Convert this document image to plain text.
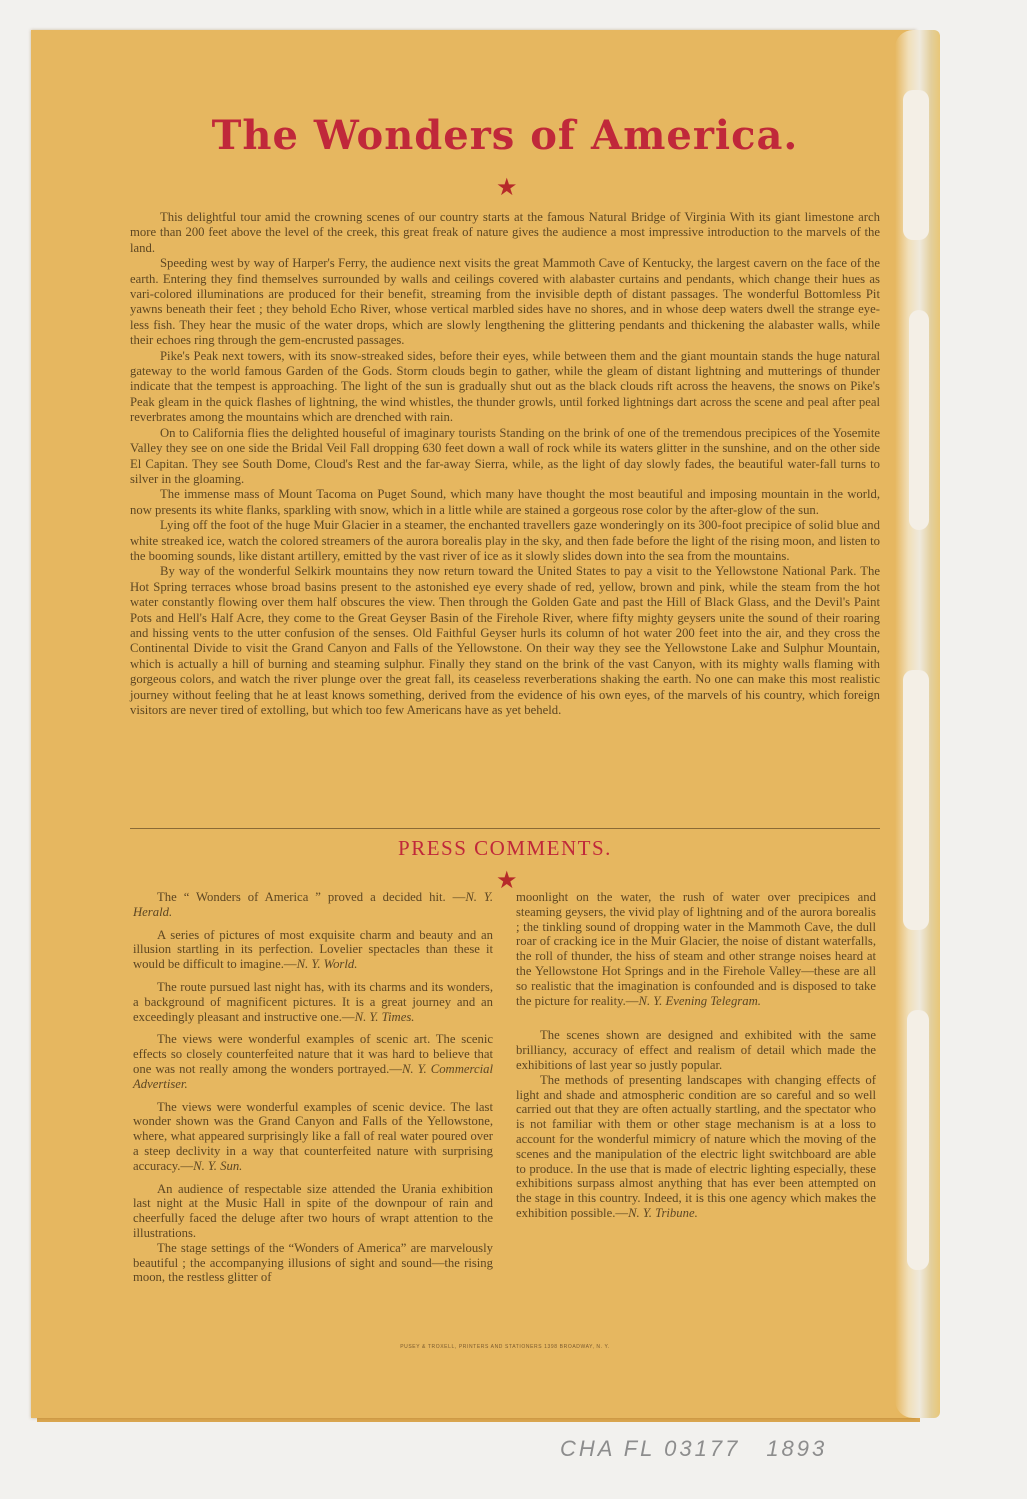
The Wonders of America.
★

This delightful tour amid the crowning scenes of our country starts at the famous Natural Bridge of Virginia With its giant limestone arch more than 200 feet above the level of the creek, this great freak of nature gives the audience a most impressive introduction to the marvels of the land.

Speeding west by way of Harper's Ferry, the audience next visits the great Mammoth Cave of Kentucky, the largest cavern on the face of the earth. Entering they find themselves surrounded by walls and ceilings covered with alabaster curtains and pendants, which change their hues as vari-colored illuminations are produced for their benefit, streaming from the invisible depth of distant passages. The wonderful Bottomless Pit yawns beneath their feet ; they behold Echo River, whose vertical marbled sides have no shores, and in whose deep waters dwell the strange eye-less fish. They hear the music of the water drops, which are slowly lengthening the glittering pendants and thickening the alabaster walls, while their echoes ring through the gem-encrusted passages.

Pike's Peak next towers, with its snow-streaked sides, before their eyes, while between them and the giant mountain stands the huge natural gateway to the world famous Garden of the Gods. Storm clouds begin to gather, while the gleam of distant lightning and mutterings of thunder indicate that the tempest is approaching. The light of the sun is gradually shut out as the black clouds rift across the heavens, the snows on Pike's Peak gleam in the quick flashes of lightning, the wind whistles, the thunder growls, until forked lightnings dart across the scene and peal after peal reverbrates among the mountains which are drenched with rain.

On to California flies the delighted houseful of imaginary tourists Standing on the brink of one of the tremendous precipices of the Yosemite Valley they see on one side the Bridal Veil Fall dropping 630 feet down a wall of rock while its waters glitter in the sunshine, and on the other side El Capitan. They see South Dome, Cloud's Rest and the far-away Sierra, while, as the light of day slowly fades, the beautiful water-fall turns to silver in the gloaming.

The immense mass of Mount Tacoma on Puget Sound, which many have thought the most beautiful and imposing mountain in the world, now presents its white flanks, sparkling with snow, which in a little while are stained a gorgeous rose color by the after-glow of the sun.

Lying off the foot of the huge Muir Glacier in a steamer, the enchanted travellers gaze wonderingly on its 300-foot precipice of solid blue and white streaked ice, watch the colored streamers of the aurora borealis play in the sky, and then fade before the light of the rising moon, and listen to the booming sounds, like distant artillery, emitted by the vast river of ice as it slowly slides down into the sea from the mountains.

By way of the wonderful Selkirk mountains they now return toward the United States to pay a visit to the Yellowstone National Park. The Hot Spring terraces whose broad basins present to the astonished eye every shade of red, yellow, brown and pink, while the steam from the hot water constantly flowing over them half obscures the view. Then through the Golden Gate and past the Hill of Black Glass, and the Devil's Paint Pots and Hell's Half Acre, they come to the Great Geyser Basin of the Firehole River, where fifty mighty geysers unite the sound of their roaring and hissing vents to the utter confusion of the senses. Old Faithful Geyser hurls its column of hot water 200 feet into the air, and they cross the Continental Divide to visit the Grand Canyon and Falls of the Yellowstone. On their way they see the Yellowstone Lake and Sulphur Mountain, which is actually a hill of burning and steaming sulphur. Finally they stand on the brink of the vast Canyon, with its mighty walls flaming with gorgeous colors, and watch the river plunge over the great fall, its ceaseless reverberations shaking the earth. No one can make this most realistic journey without feeling that he at least knows something, derived from the evidence of his own eyes, of the marvels of his country, which foreign visitors are never tired of extolling, but which too few Americans have as yet beheld.

PRESS COMMENTS.
★

The “ Wonders of America ” proved a decided hit. —N. Y. Herald.

A series of pictures of most exquisite charm and beauty and an illusion startling in its perfection. Lovelier spectacles than these it would be difficult to imagine.—N. Y. World.

The route pursued last night has, with its charms and its wonders, a background of magnificent pictures. It is a great journey and an exceedingly pleasant and instructive one.—N. Y. Times.

The views were wonderful examples of scenic art. The scenic effects so closely counterfeited nature that it was hard to believe that one was not really among the wonders portrayed.—N. Y. Commercial Advertiser.

The views were wonderful examples of scenic device. The last wonder shown was the Grand Canyon and Falls of the Yellowstone, where, what appeared surprisingly like a fall of real water poured over a steep declivity in a way that counterfeited nature with surprising accuracy.—N. Y. Sun.

An audience of respectable size attended the Urania exhibition last night at the Music Hall in spite of the downpour of rain and cheerfully faced the deluge after two hours of wrapt attention to the illustrations.

The stage settings of the “Wonders of America” are marvelously beautiful ; the accompanying illusions of sight and sound—the rising moon, the restless glitter of

moonlight on the water, the rush of water over precipices and steaming geysers, the vivid play of lightning and of the aurora borealis ; the tinkling sound of dropping water in the Mammoth Cave, the dull roar of cracking ice in the Muir Glacier, the noise of distant waterfalls, the roll of thunder, the hiss of steam and other strange noises heard at the Yellowstone Hot Springs and in the Firehole Valley—these are all so realistic that the imagination is confounded and is disposed to take the picture for reality.—N. Y. Evening Telegram.

The scenes shown are designed and exhibited with the same brilliancy, accuracy of effect and realism of detail which made the exhibitions of last year so justly popular.

The methods of presenting landscapes with changing effects of light and shade and atmospheric condition are so careful and so well carried out that they are often actually startling, and the spectator who is not familiar with them or other stage mechanism is at a loss to account for the wonderful mimicry of nature which the moving of the scenes and the manipulation of the electric light switchboard are able to produce. In the use that is made of electric lighting especially, these exhibitions surpass almost anything that has ever been attempted on the stage in this country. Indeed, it is this one agency which makes the exhibition possible.—N. Y. Tribune.

PUSEY & TROXELL, PRINTERS AND STATIONERS 1398 BROADWAY, N. Y.
CHA FL 03177 1893
